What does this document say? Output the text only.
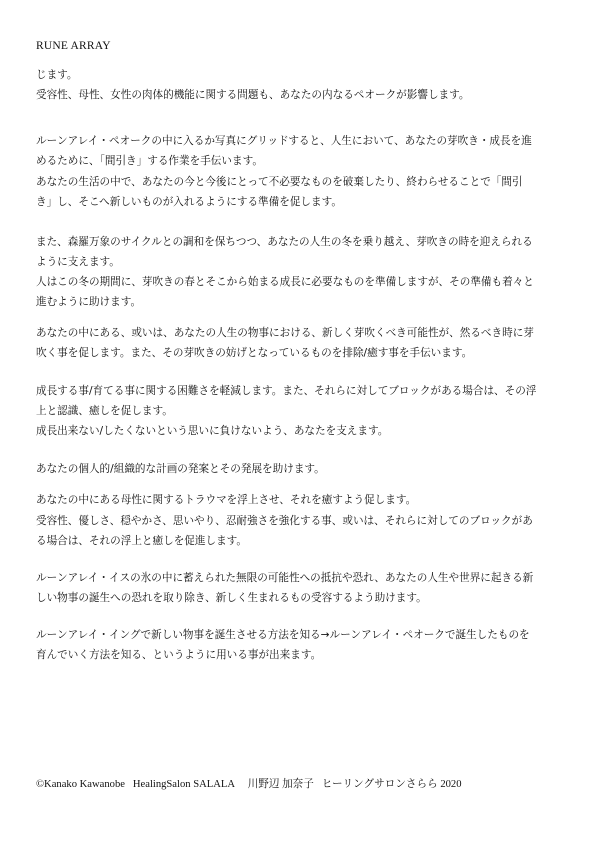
RUNE ARRAY
じます。
受容性、母性、女性の肉体的機能に関する問題も、あなたの内なるペオークが影響します。
ルーンアレイ・ペオークの中に入るか写真にグリッドすると、人生において、あなたの芽吹き・成長を進
めるために、「間引き」する作業を手伝います。
あなたの生活の中で、あなたの今と今後にとって不必要なものを破棄したり、終わらせることで「間引
き」し、そこへ新しいものが入れるようにする準備を促します。
また、森羅万象のサイクルとの調和を保ちつつ、あなたの人生の冬を乗り越え、芽吹きの時を迎えられる
ように支えます。
人はこの冬の期間に、芽吹きの春とそこから始まる成長に必要なものを準備しますが、その準備も着々と
進むように助けます。
あなたの中にある、或いは、あなたの人生の物事における、新しく芽吹くべき可能性が、然るべき時に芽
吹く事を促します。また、その芽吹きの妨げとなっているものを排除/癒す事を手伝います。
成長する事/育てる事に関する困難さを軽減します。また、それらに対してブロックがある場合は、その浮
上と認識、癒しを促します。
成長出来ない/したくないという思いに負けないよう、あなたを支えます。
あなたの個人的/組織的な計画の発案とその発展を助けます。
あなたの中にある母性に関するトラウマを浮上させ、それを癒すよう促します。
受容性、優しさ、穏やかさ、思いやり、忍耐強さを強化する事、或いは、それらに対してのブロックがあ
る場合は、それの浮上と癒しを促進します。
ルーンアレイ・イスの氷の中に蓄えられた無限の可能性への抵抗や恐れ、あなたの人生や世界に起きる新
しい物事の誕生への恐れを取り除き、新しく生まれるもの受容するよう助けます。
ルーンアレイ・イングで新しい物事を誕生させる方法を知る→ルーンアレイ・ペオークで誕生したものを
育んでいく方法を知る、というように用いる事が出来ます。
©Kanako Kawanobe   HealingSalon SALALA     川野辺 加奈子   ヒーリングサロンさらら 2020
